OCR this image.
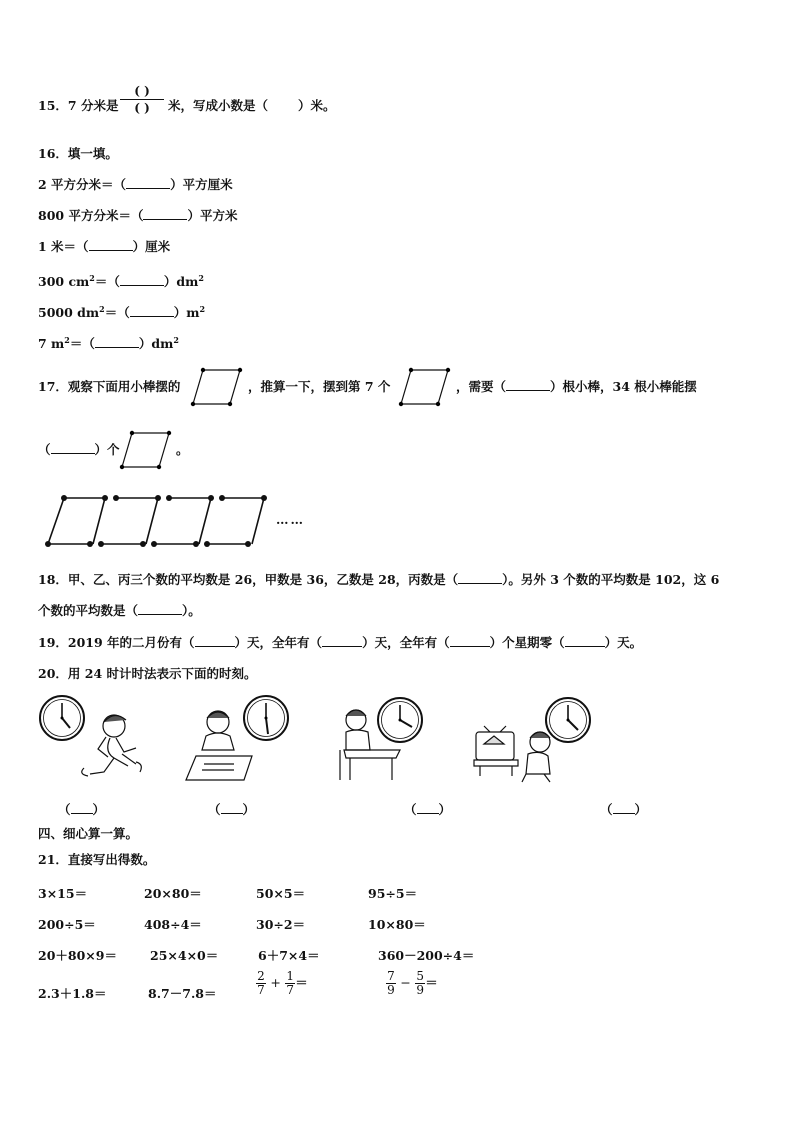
15．7 分米是
( )
( )	米，写成小数是（ ）米。
16．填一填。
2 平方分米＝（	）平方厘米
800 平方分米＝（	）平方米
1 米＝（	）厘米
300 $cm^2=$（	）$dm^2$
5000 $dm^2=$（	）$m^2$
7 $m^2=$（	）$dm^2$
17．观察下面用小棒摆的	，推算一下，摆到第 7 个	，需要（	）根小棒，34 根小棒能摆
（	）个	。
……
18．甲、乙、丙三个数的平均数是 26，甲数是 36，乙数是 28，丙数是（	）。另外 3 个数的平均数是 102，这 6
个数的平均数是（	）。
19．2019 年的二月份有（	）天，全年有（	）天，全年有（	）个星期零（	）天。
20．用 24 时计时法表示下面的时刻。
（ ）	（ ）	（ ）	（ ）
四、细心算一算。
21．直接写出得数。
3×15＝	20×80＝	50×5＝	95÷5＝
200÷5＝	408÷4＝	30÷2＝	10×80＝
20＋80×9＝	25×4×0＝	6＋7×4＝	360－200÷4＝
2.3＋1.8＝	8.7－7.8＝	$\frac{2}{7} + \frac{1}{7}$ ＝	$\frac{7}{9} - \frac{5}{9}$ ＝
